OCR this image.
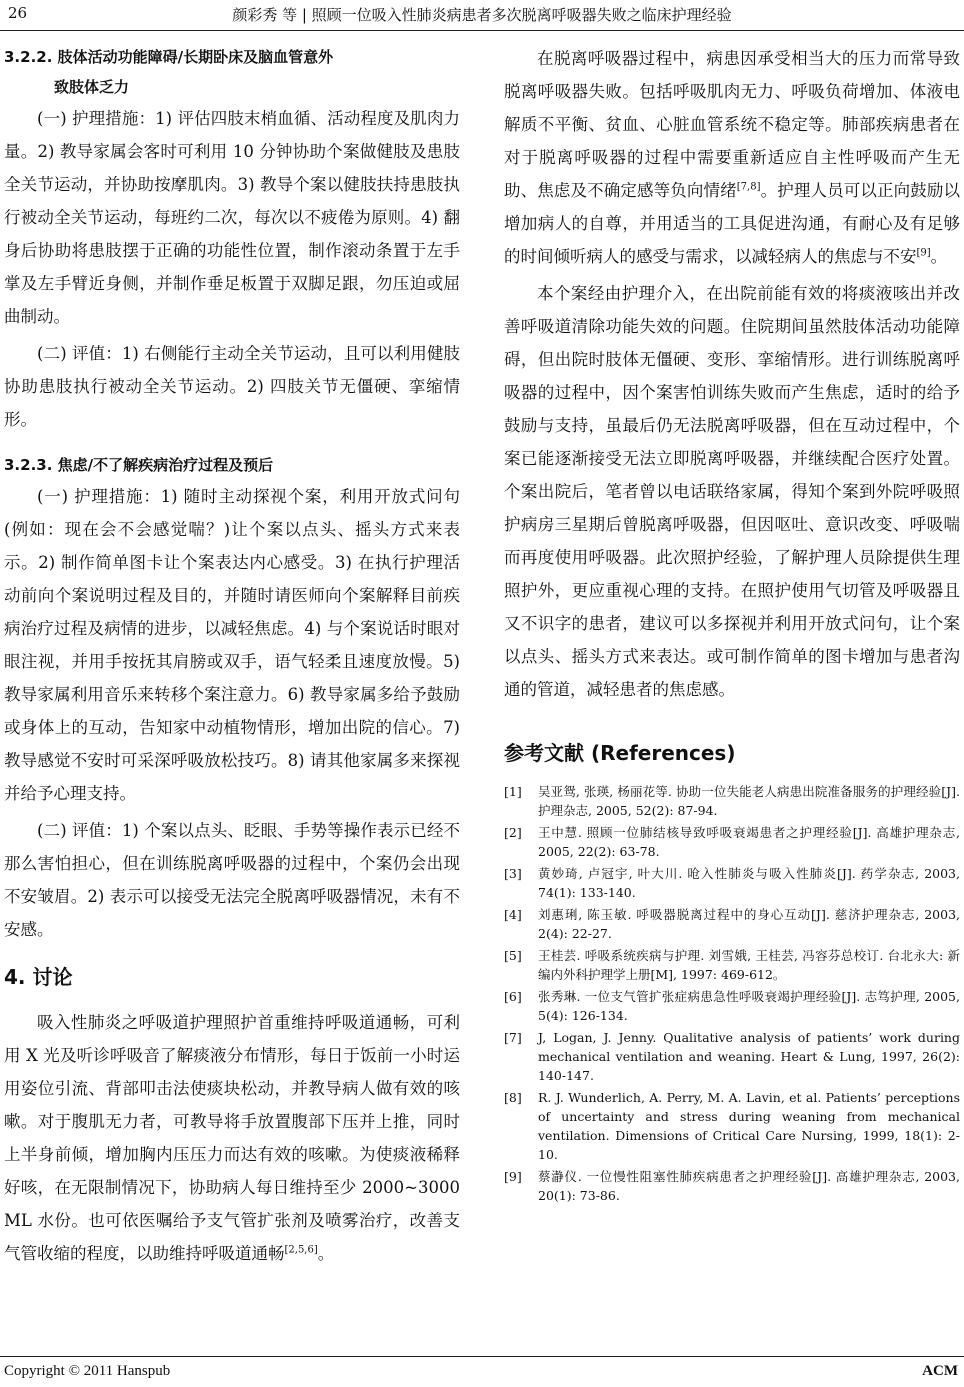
26	颜彩秀 等 | 照顾一位吸入性肺炎病患者多次脱离呼吸器失败之临床护理经验
3.2.2. 肢体活动功能障碍/长期卧床及脑血管意外
致肢体乏力

(一) 护理措施：1) 评估四肢末梢血循、活动程度及肌肉力量。2) 教导家属会客时可利用 10 分钟协助个案做健肢及患肢全关节运动，并协助按摩肌肉。3) 教导个案以健肢扶持患肢执行被动全关节运动，每班约二次，每次以不疲倦为原则。4) 翻身后协助将患肢摆于正确的功能性位置，制作滚动条置于左手掌及左手臂近身侧，并制作垂足板置于双脚足跟，勿压迫或屈曲制动。

(二) 评值：1) 右侧能行主动全关节运动，且可以利用健肢协助患肢执行被动全关节运动。2) 四肢关节无僵硬、挛缩情形。

3.2.3. 焦虑/不了解疾病治疗过程及预后

(一) 护理措施：1) 随时主动探视个案，利用开放式问句(例如：现在会不会感觉喘？)让个案以点头、摇头方式来表示。2) 制作简单图卡让个案表达内心感受。3) 在执行护理活动前向个案说明过程及目的，并随时请医师向个案解释目前疾病治疗过程及病情的进步，以减轻焦虑。4) 与个案说话时眼对眼注视，并用手按抚其肩膀或双手，语气轻柔且速度放慢。5) 教导家属利用音乐来转移个案注意力。6) 教导家属多给予鼓励或身体上的互动，告知家中动植物情形，增加出院的信心。7) 教导感觉不安时可采深呼吸放松技巧。8) 请其他家属多来探视并给予心理支持。

(二) 评值：1) 个案以点头、眨眼、手势等操作表示已经不那么害怕担心，但在训练脱离呼吸器的过程中，个案仍会出现不安皱眉。2) 表示可以接受无法完全脱离呼吸器情况，未有不安感。

4. 讨论

吸入性肺炎之呼吸道护理照护首重维持呼吸道通畅，可利用 X 光及听诊呼吸音了解痰液分布情形，每日于饭前一小时运用姿位引流、背部叩击法使痰块松动，并教导病人做有效的咳嗽。对于腹肌无力者，可教导将手放置腹部下压并上推，同时上半身前倾，增加胸内压压力而达有效的咳嗽。为使痰液稀释好咳，在无限制情况下，协助病人每日维持至少 2000~3000 ML 水份。也可依医嘱给予支气管扩张剂及喷雾治疗，改善支气管收缩的程度，以助维持呼吸道通畅[2,5,6]。

在脱离呼吸器过程中，病患因承受相当大的压力而常导致脱离呼吸器失败。包括呼吸肌肉无力、呼吸负荷增加、体液电解质不平衡、贫血、心脏血管系统不稳定等。肺部疾病患者在对于脱离呼吸器的过程中需要重新适应自主性呼吸而产生无助、焦虑及不确定感等负向情绪[7,8]。护理人员可以正向鼓励以增加病人的自尊，并用适当的工具促进沟通，有耐心及有足够的时间倾听病人的感受与需求，以减轻病人的焦虑与不安[9]。

本个案经由护理介入，在出院前能有效的将痰液咳出并改善呼吸道清除功能失效的问题。住院期间虽然肢体活动功能障碍，但出院时肢体无僵硬、变形、挛缩情形。进行训练脱离呼吸器的过程中，因个案害怕训练失败而产生焦虑，适时的给予鼓励与支持，虽最后仍无法脱离呼吸器，但在互动过程中，个案已能逐渐接受无法立即脱离呼吸器，并继续配合医疗处置。个案出院后，笔者曾以电话联络家属，得知个案到外院呼吸照护病房三星期后曾脱离呼吸器，但因呕吐、意识改变、呼吸喘而再度使用呼吸器。此次照护经验，了解护理人员除提供生理照护外，更应重视心理的支持。在照护使用气切管及呼吸器且又不识字的患者，建议可以多探视并利用开放式问句，让个案以点头、摇头方式来表达。或可制作简单的图卡增加与患者沟通的管道，减轻患者的焦虑感。

参考文献 (References)
[1] 吴亚鸳, 张瑛, 杨丽花等. 协助一位失能老人病患出院准备服务的护理经验[J]. 护理杂志, 2005, 52(2): 87-94.
[2] 王中慧. 照顾一位肺结核导致呼吸衰竭患者之护理经验[J]. 高雄护理杂志, 2005, 22(2): 63-78.
[3] 黄妙琦, 卢冠宇, 叶大川. 呛入性肺炎与吸入性肺炎[J]. 药学杂志, 2003, 74(1): 133-140.
[4] 刘惠琍, 陈玉敏. 呼吸器脱离过程中的身心互动[J]. 慈济护理杂志, 2003, 2(4): 22-27.
[5] 王桂芸. 呼吸系统疾病与护理. 刘雪娥, 王桂芸, 冯容芬总校订. 台北永大: 新编内外科护理学上册[M], 1997: 469-612。
[6] 张秀琳. 一位支气管扩张症病患急性呼吸衰竭护理经验[J]. 志笃护理, 2005, 5(4): 126-134.
[7] J, Logan, J. Jenny. Qualitative analysis of patients’ work during mechanical ventilation and weaning. Heart & Lung, 1997, 26(2): 140-147.
[8] R. J. Wunderlich, A. Perry, M. A. Lavin, et al. Patients’ perceptions of uncertainty and stress during weaning from mechanical ventilation. Dimensions of Critical Care Nursing, 1999, 18(1): 2-10.
[9] 蔡瀞仪. 一位慢性阻塞性肺疾病患者之护理经验[J]. 高雄护理杂志, 2003, 20(1): 73-86.
Copyright © 2011 Hanspub	ACM
